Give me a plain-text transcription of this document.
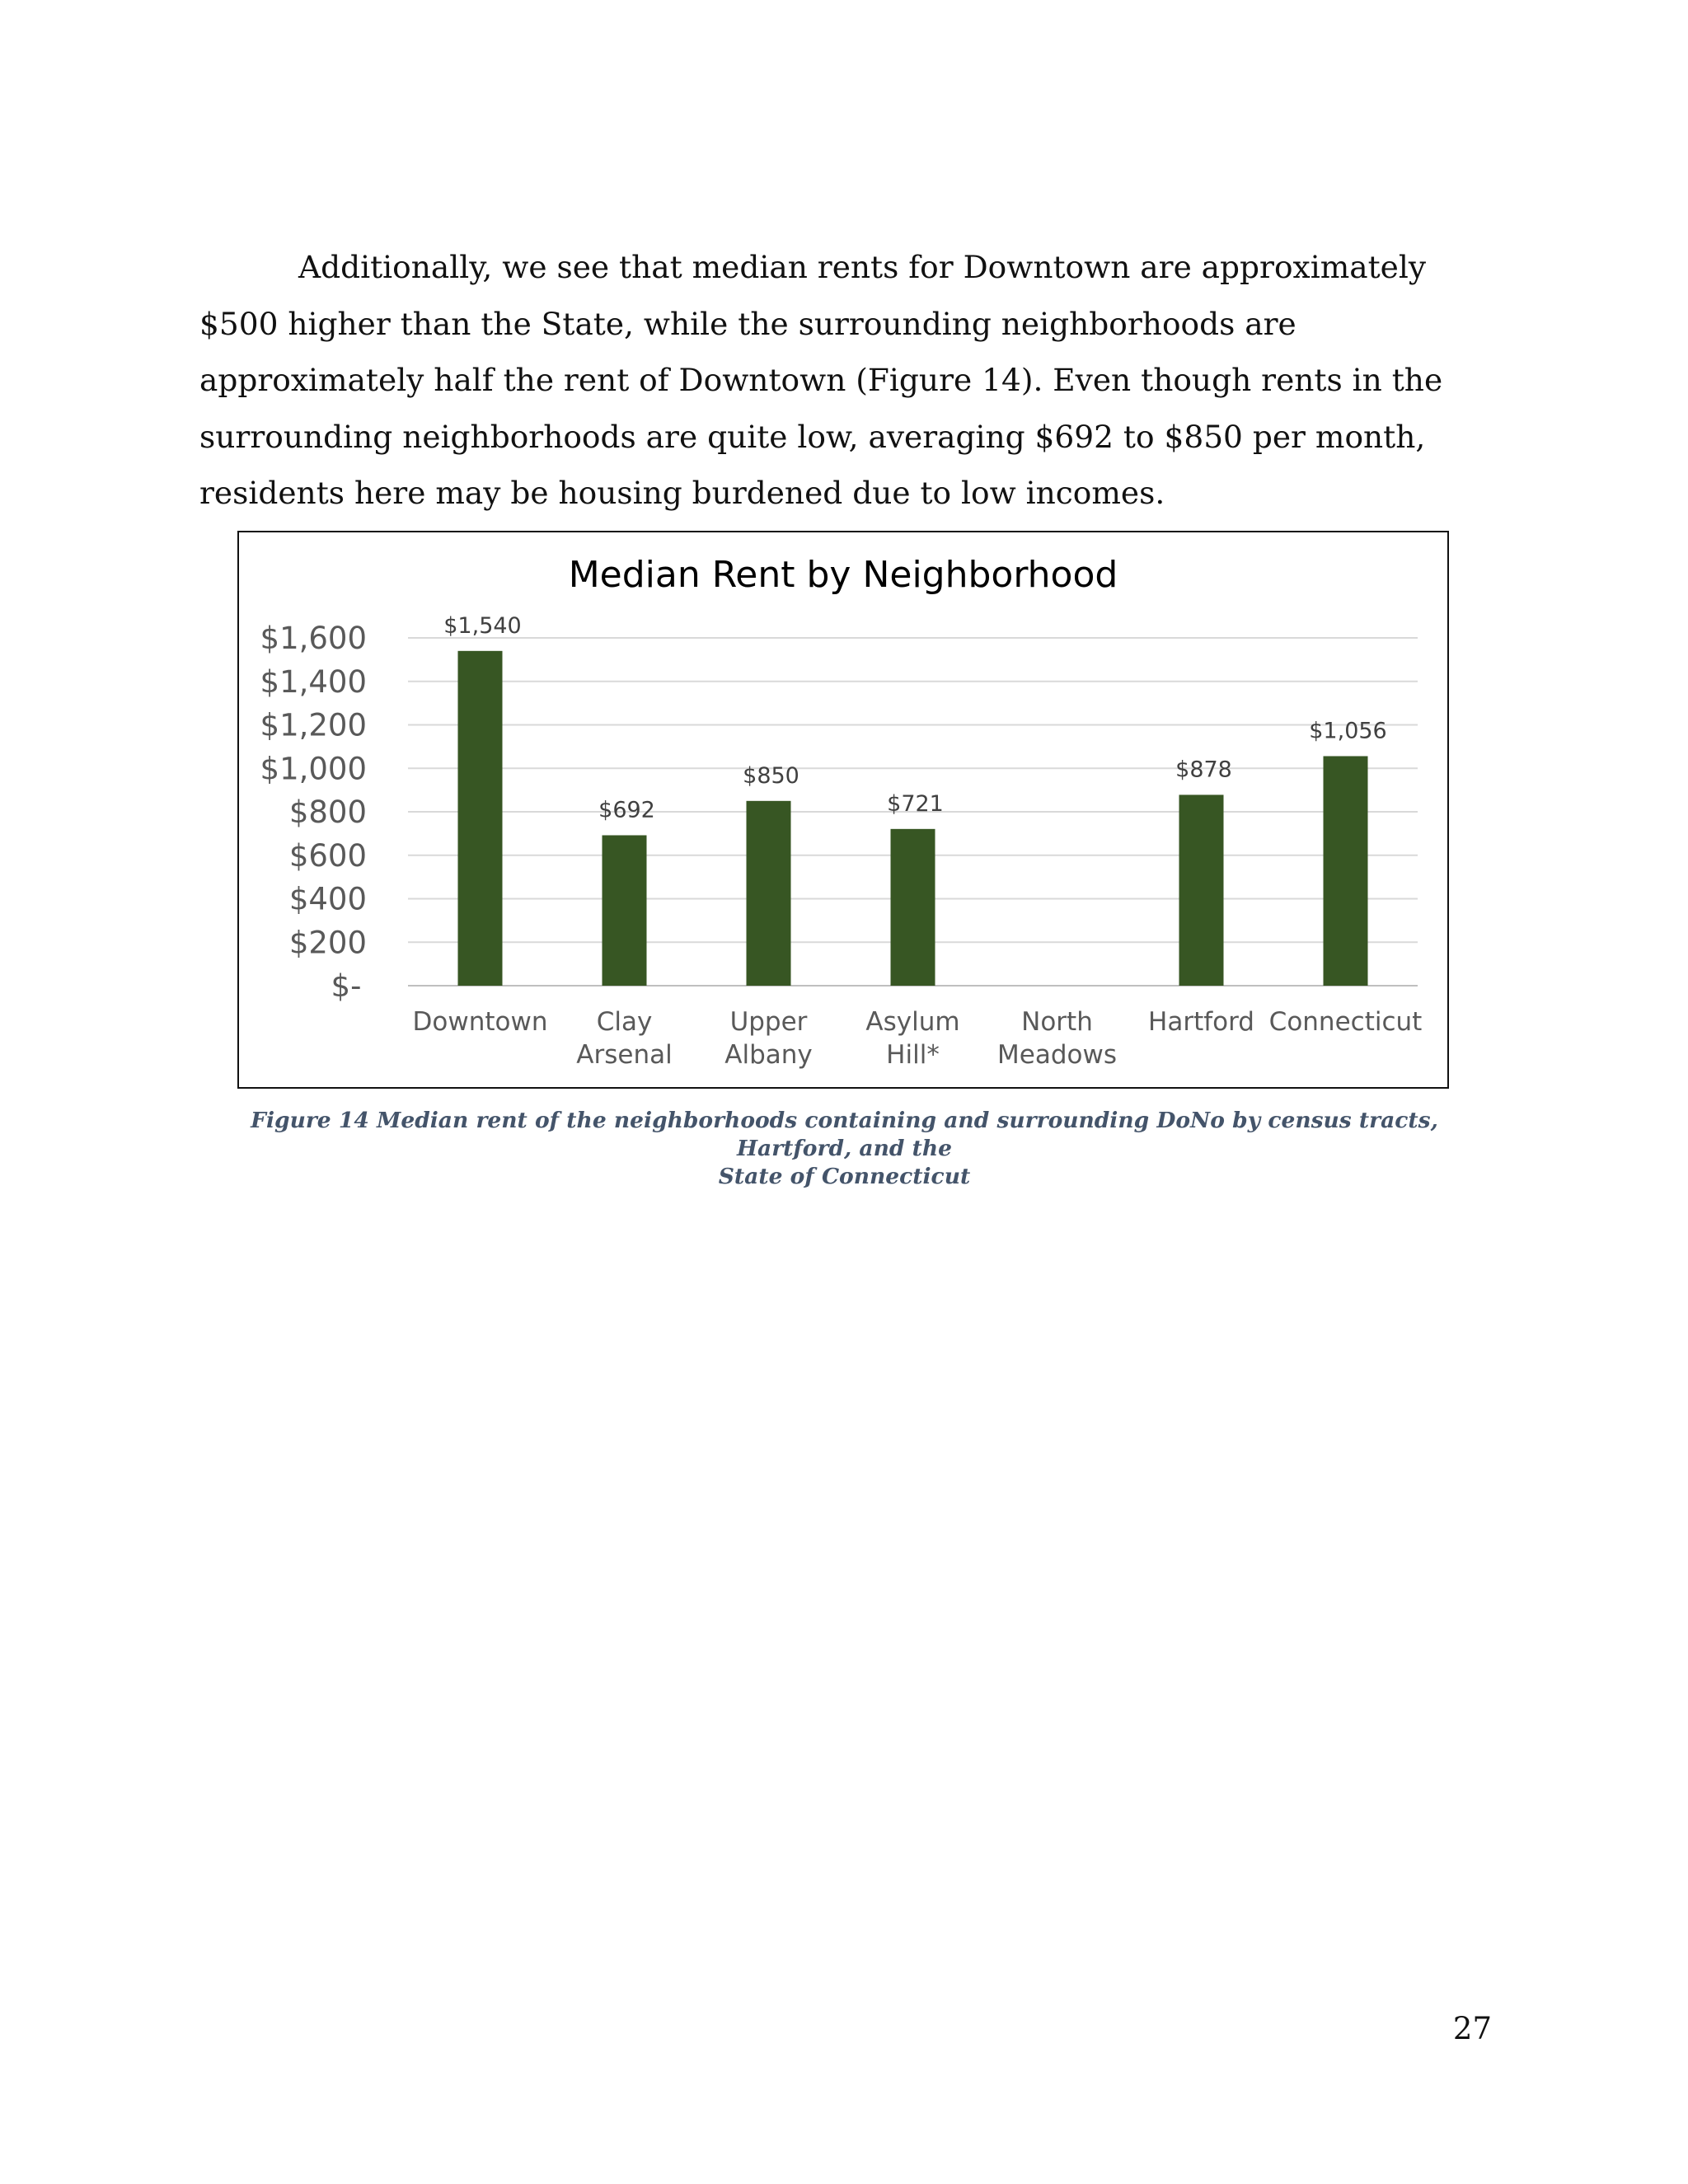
Additionally, we see that median rents for Downtown are approximately $500 higher than the State, while the surrounding neighborhoods are approximately half the rent of Downtown (Figure 14). Even though rents in the surrounding neighborhoods are quite low, averaging $692 to $850 per month, residents here may be housing burdened due to low incomes.

Median Rent by Neighborhood
$-
$200
$400
$600
$800
$1,000
$1,200
$1,400
$1,600	$1,540
Downtown
$692
Clay
Arsenal
$850
Upper
Albany
$721
Asylum
Hill*
North
Meadows
$878
Hartford
$1,056
Connecticut

Figure 14 Median rent of the neighborhoods containing and surrounding DoNo by census tracts, Hartford, and the
State of Connecticut

27
